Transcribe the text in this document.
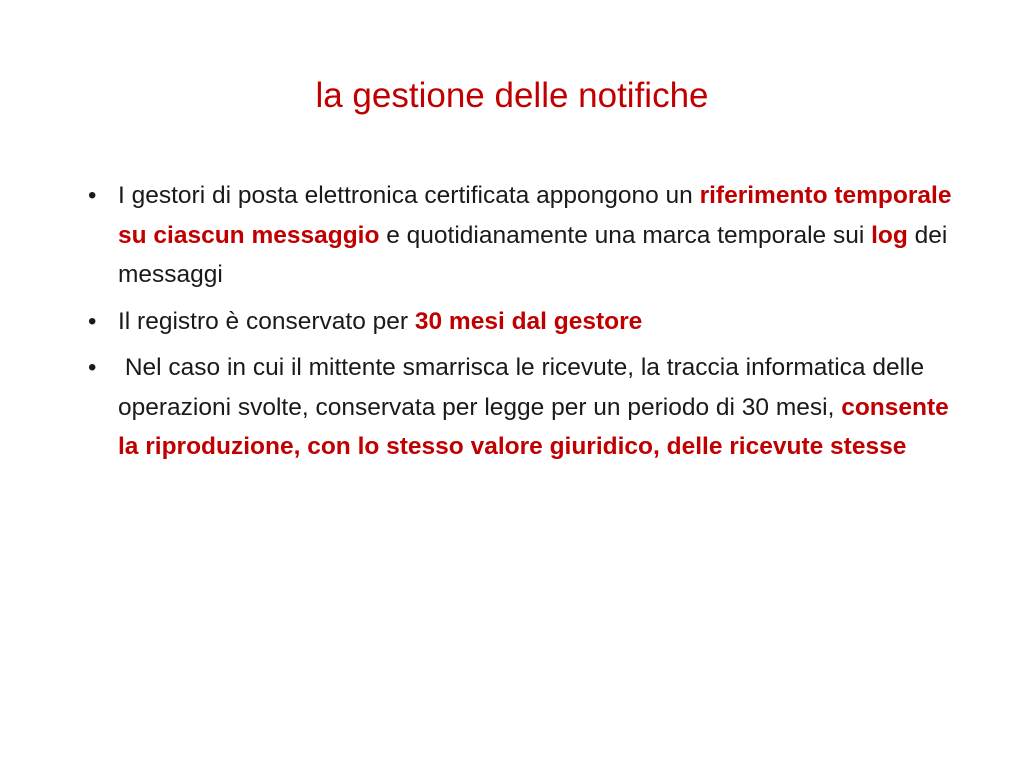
la gestione delle notifiche
• I gestori di posta elettronica certificata appongono un riferimento temporale su ciascun messaggio e quotidianamente una marca temporale sui log dei messaggi
• Il registro è conservato per 30 mesi dal gestore
• Nel caso in cui il mittente smarrisca le ricevute, la traccia informatica delle operazioni svolte, conservata per legge per un periodo di 30 mesi, consente la riproduzione, con lo stesso valore giuridico, delle ricevute stesse
